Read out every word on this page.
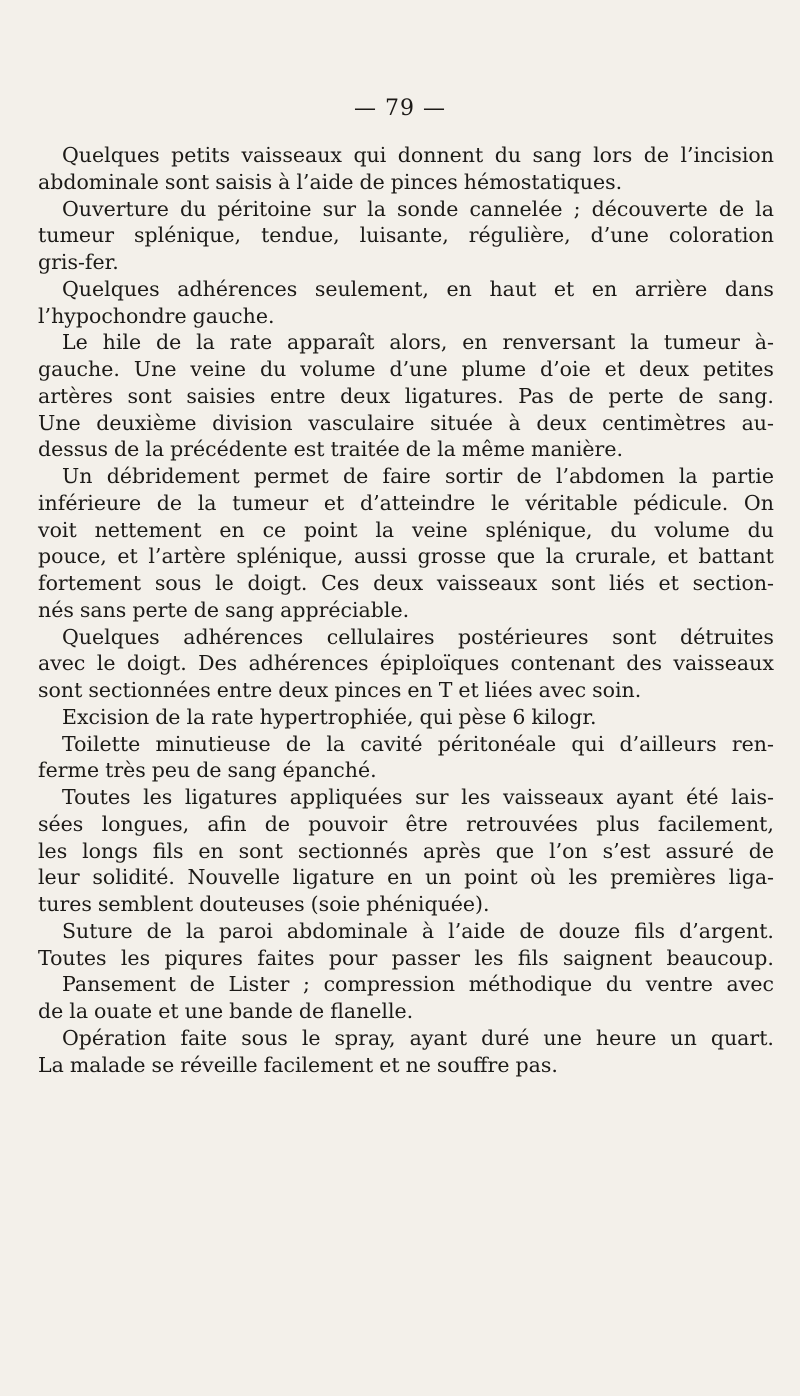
— 79 —
Quelques petits vaisseaux qui donnent du sang lors de l’incision
abdominale sont saisis à l’aide de pinces hémostatiques.
Ouverture du péritoine sur la sonde cannelée ; découverte de la
tumeur splénique, tendue, luisante, régulière, d’une coloration
gris-fer.
Quelques adhérences seulement, en haut et en arrière dans
l’hypochondre gauche.
Le hile de la rate apparaît alors, en renversant la tumeur à-
gauche. Une veine du volume d’une plume d’oie et deux petites
artères sont saisies entre deux ligatures. Pas de perte de sang.
Une deuxième division vasculaire située à deux centimètres au-
dessus de la précédente est traitée de la même manière.
Un débridement permet de faire sortir de l’abdomen la partie
inférieure de la tumeur et d’atteindre le véritable pédicule. On
voit nettement en ce point la veine splénique, du volume du
pouce, et l’artère splénique, aussi grosse que la crurale, et battant
fortement sous le doigt. Ces deux vaisseaux sont liés et section-
nés sans perte de sang appréciable.
Quelques adhérences cellulaires postérieures sont détruites
avec le doigt. Des adhérences épiploïques contenant des vaisseaux
sont sectionnées entre deux pinces en T et liées avec soin.
Excision de la rate hypertrophiée, qui pèse 6 kilogr.
Toilette minutieuse de la cavité péritonéale qui d’ailleurs ren-
ferme très peu de sang épanché.
Toutes les ligatures appliquées sur les vaisseaux ayant été lais-
sées longues, afin de pouvoir être retrouvées plus facilement,
les longs fils en sont sectionnés après que l’on s’est assuré de
leur solidité. Nouvelle ligature en un point où les premières liga-
tures semblent douteuses (soie phéniquée).
Suture de la paroi abdominale à l’aide de douze fils d’argent.
Toutes les piqures faites pour passer les fils saignent beaucoup.
Pansement de Lister ; compression méthodique du ventre avec
de la ouate et une bande de flanelle.
Opération faite sous le spray, ayant duré une heure un quart.
La malade se réveille facilement et ne souffre pas.
